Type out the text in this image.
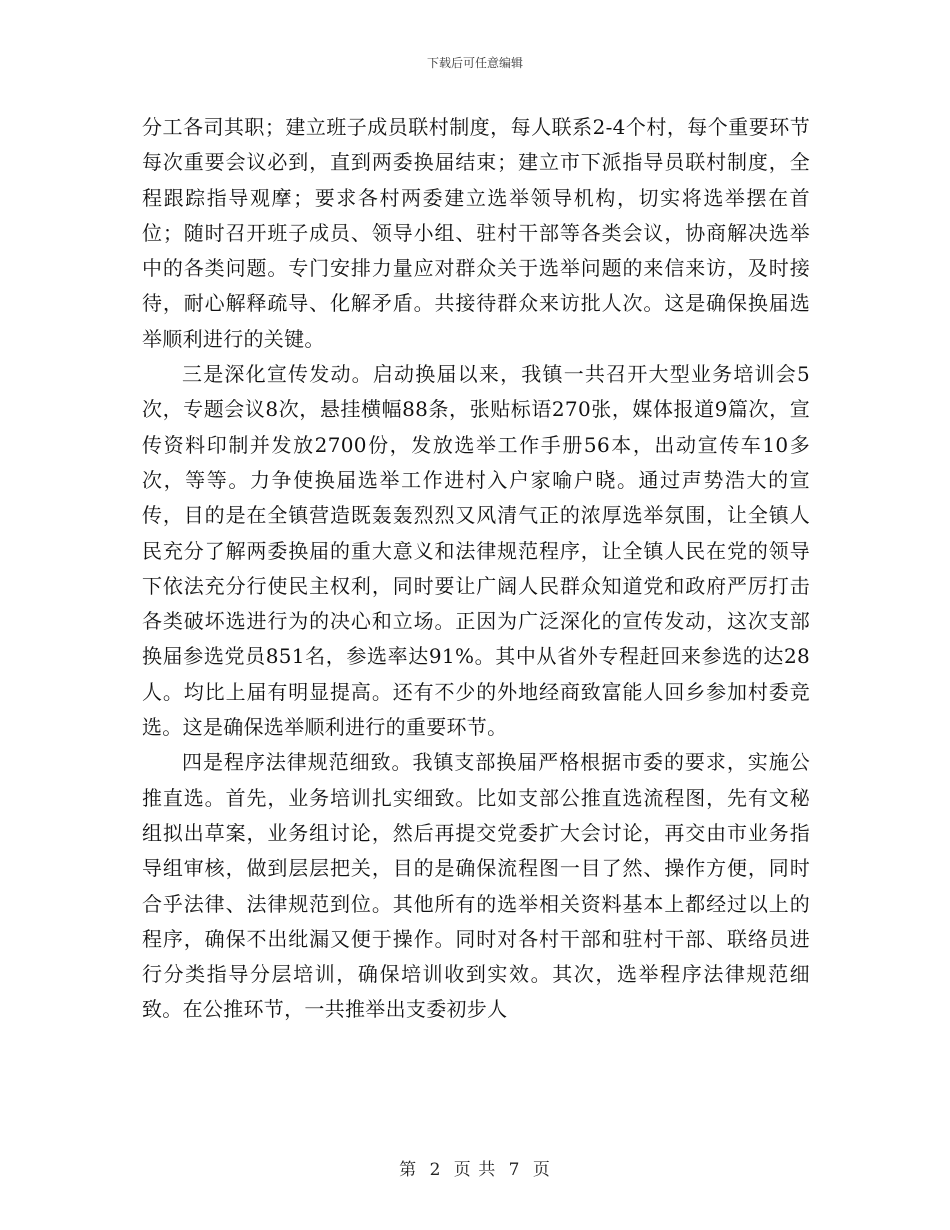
下载后可任意编辑

分工各司其职；建立班子成员联村制度，每人联系2-4个村，每个重要环节每次重要会议必到，直到两委换届结束；建立市下派指导员联村制度，全程跟踪指导观摩；要求各村两委建立选举领导机构，切实将选举摆在首位；随时召开班子成员、领导小组、驻村干部等各类会议，协商解决选举中的各类问题。专门安排力量应对群众关于选举问题的来信来访，及时接待，耐心解释疏导、化解矛盾。共接待群众来访批人次。这是确保换届选举顺利进行的关键。

三是深化宣传发动。启动换届以来，我镇一共召开大型业务培训会5次，专题会议8次，悬挂横幅88条，张贴标语270张，媒体报道9篇次，宣传资料印制并发放2700份，发放选举工作手册56本，出动宣传车10多次，等等。力争使换届选举工作进村入户家喻户晓。通过声势浩大的宣传，目的是在全镇营造既轰轰烈烈又风清气正的浓厚选举氛围，让全镇人民充分了解两委换届的重大意义和法律规范程序，让全镇人民在党的领导下依法充分行使民主权利，同时要让广阔人民群众知道党和政府严厉打击各类破坏选进行为的决心和立场。正因为广泛深化的宣传发动，这次支部换届参选党员851名，参选率达91%。其中从省外专程赶回来参选的达28人。均比上届有明显提高。还有不少的外地经商致富能人回乡参加村委竞选。这是确保选举顺利进行的重要环节。

四是程序法律规范细致。我镇支部换届严格根据市委的要求，实施公推直选。首先，业务培训扎实细致。比如支部公推直选流程图，先有文秘组拟出草案，业务组讨论，然后再提交党委扩大会讨论，再交由市业务指导组审核，做到层层把关，目的是确保流程图一目了然、操作方便，同时合乎法律、法律规范到位。其他所有的选举相关资料基本上都经过以上的程序，确保不出纰漏又便于操作。同时对各村干部和驻村干部、联络员进行分类指导分层培训，确保培训收到实效。其次，选举程序法律规范细致。在公推环节，一共推举出支委初步人

第 2 页 共 7 页
